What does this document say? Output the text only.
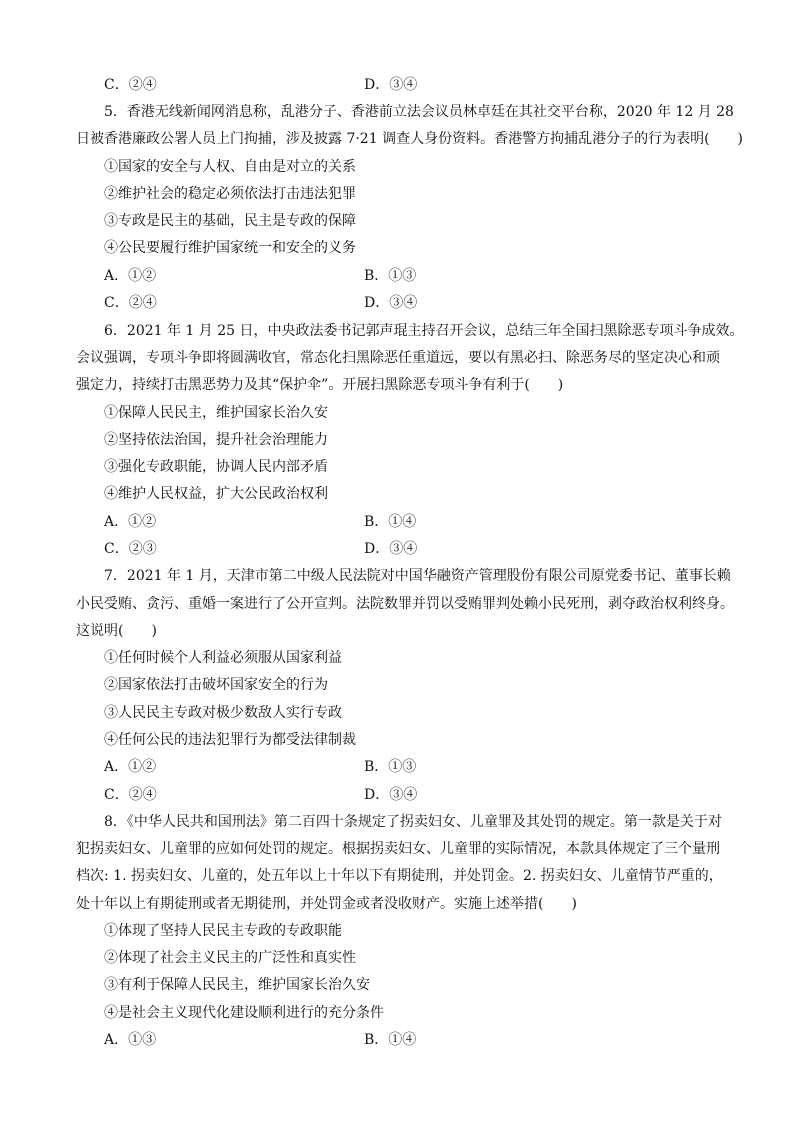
C．②④	D．③④
5．香港无线新闻网消息称，乱港分子、香港前立法会议员林卓廷在其社交平台称，2020 年 12 月 28
日被香港廉政公署人员上门拘捕，涉及披露 7·21 调查人身份资料。香港警方拘捕乱港分子的行为表明(　　)
①国家的安全与人权、自由是对立的关系
②维护社会的稳定必须依法打击违法犯罪
③专政是民主的基础，民主是专政的保障
④公民要履行维护国家统一和安全的义务
A．①②	B．①③
C．②④	D．③④
6．2021 年 1 月 25 日，中央政法委书记郭声琨主持召开会议，总结三年全国扫黑除恶专项斗争成效。
会议强调，专项斗争即将圆满收官，常态化扫黑除恶任重道远，要以有黑必扫、除恶务尽的坚定决心和顽
强定力，持续打击黑恶势力及其“保护伞”。开展扫黑除恶专项斗争有利于(　　)
①保障人民民主，维护国家长治久安
②坚持依法治国，提升社会治理能力
③强化专政职能，协调人民内部矛盾
④维护人民权益，扩大公民政治权利
A．①②	B．①④
C．②③	D．③④
7．2021 年 1 月，天津市第二中级人民法院对中国华融资产管理股份有限公司原党委书记、董事长赖
小民受贿、贪污、重婚一案进行了公开宣判。法院数罪并罚以受贿罪判处赖小民死刑，剥夺政治权利终身。
这说明(　　)
①任何时候个人利益必须服从国家利益
②国家依法打击破坏国家安全的行为
③人民民主专政对极少数敌人实行专政
④任何公民的违法犯罪行为都受法律制裁
A．①②	B．①③
C．②④	D．③④
8．《中华人民共和国刑法》第二百四十条规定了拐卖妇女、儿童罪及其处罚的规定。第一款是关于对
犯拐卖妇女、儿童罪的应如何处罚的规定。根据拐卖妇女、儿童罪的实际情况，本款具体规定了三个量刑
档次: 1. 拐卖妇女、儿童的，处五年以上十年以下有期徒刑，并处罚金。2. 拐卖妇女、儿童情节严重的，
处十年以上有期徒刑或者无期徒刑，并处罚金或者没收财产。实施上述举措(　　)
①体现了坚持人民民主专政的专政职能
②体现了社会主义民主的广泛性和真实性
③有利于保障人民民主，维护国家长治久安
④是社会主义现代化建设顺利进行的充分条件
A．①③	B．①④
